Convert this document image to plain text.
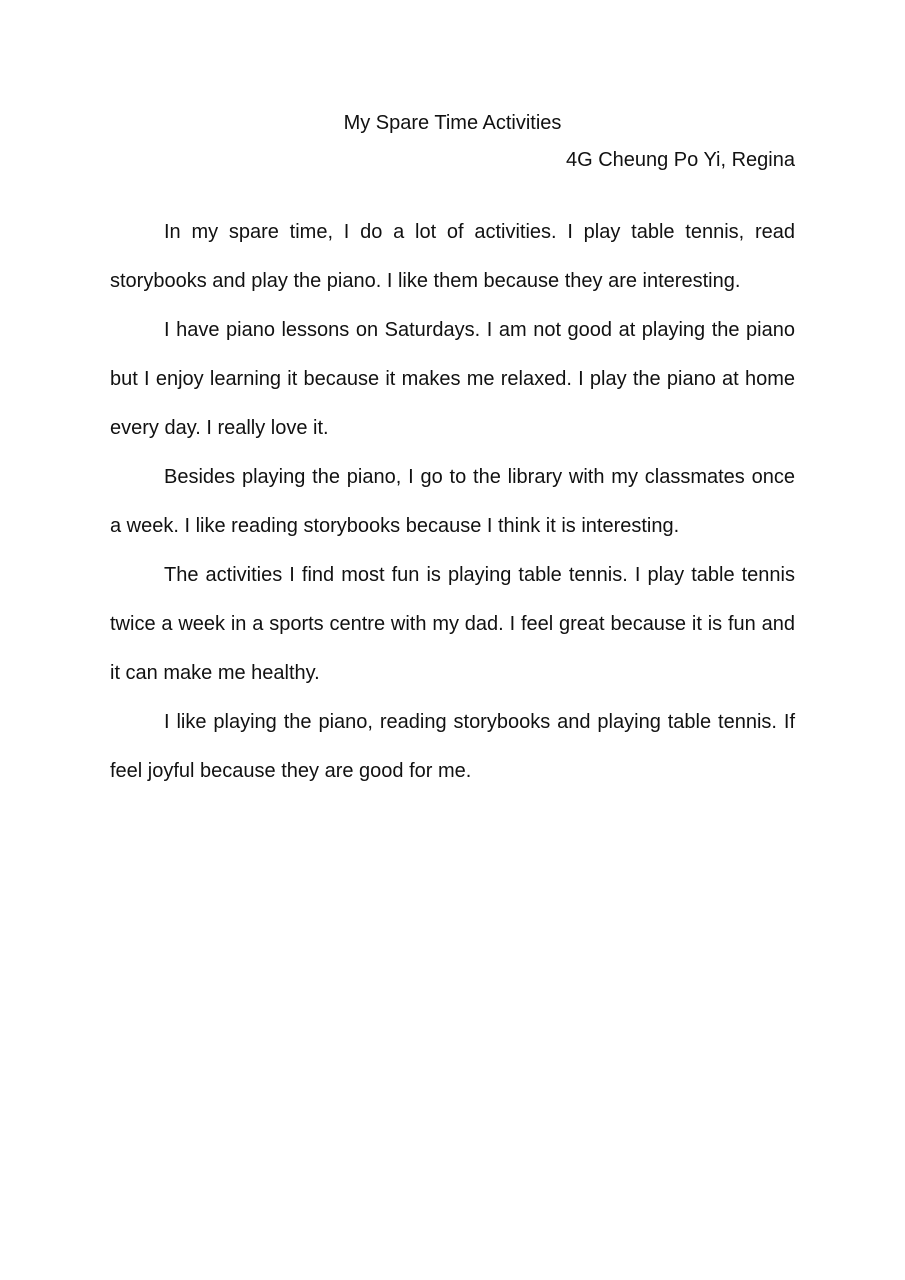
My Spare Time Activities

4G Cheung Po Yi, Regina

In my spare time, I do a lot of activities. I play table tennis, read storybooks and play the piano. I like them because they are interesting.

I have piano lessons on Saturdays. I am not good at playing the piano but I enjoy learning it because it makes me relaxed. I play the piano at home every day. I really love it.

Besides playing the piano, I go to the library with my classmates once a week. I like reading storybooks because I think it is interesting.

The activities I find most fun is playing table tennis. I play table tennis twice a week in a sports centre with my dad. I feel great because it is fun and it can make me healthy.

I like playing the piano, reading storybooks and playing table tennis. If feel joyful because they are good for me.
